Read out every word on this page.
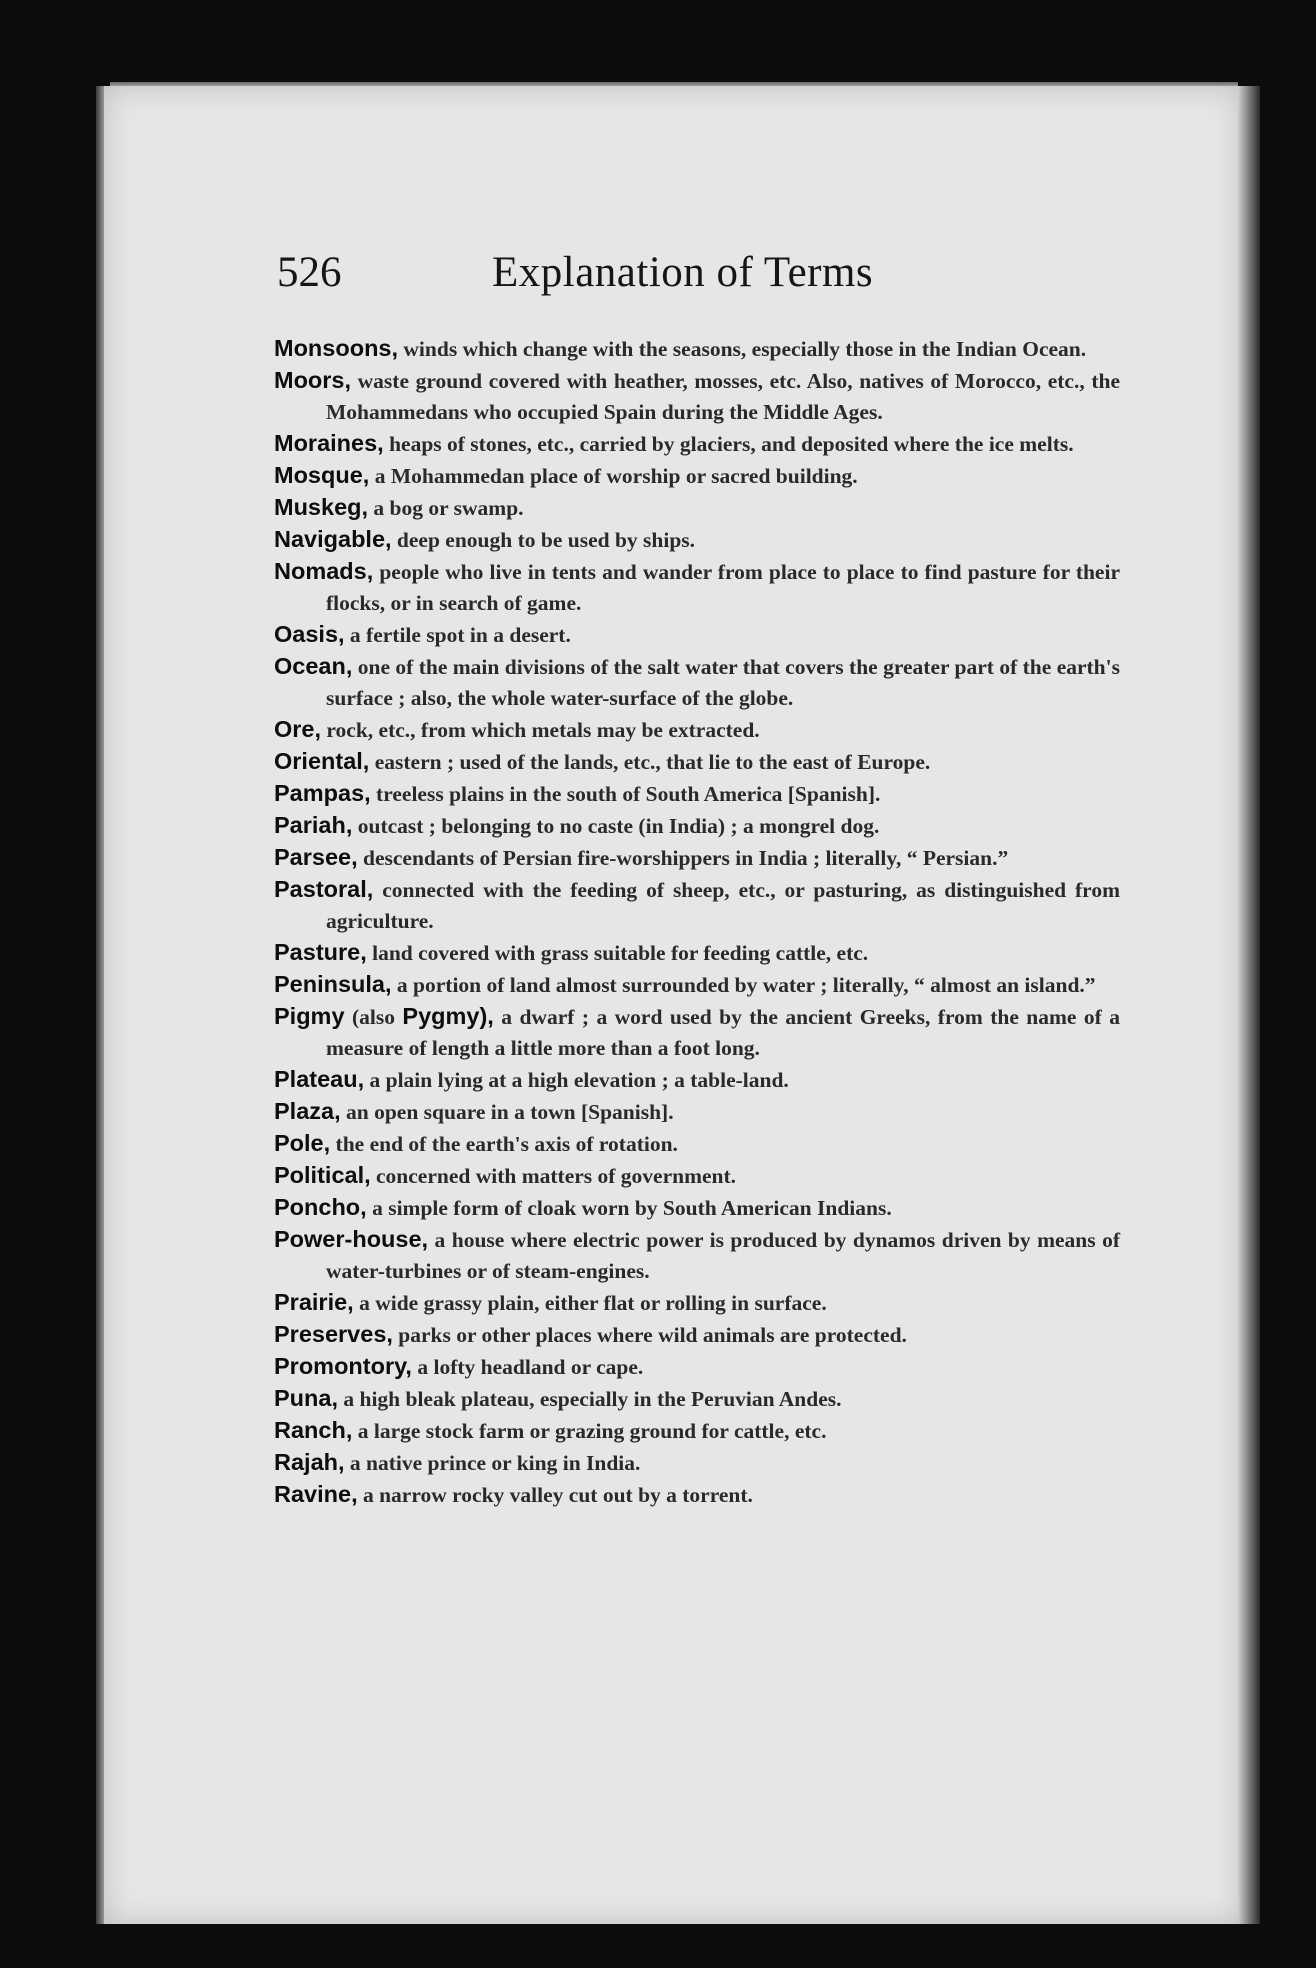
526	Explanation of Terms

Monsoons, winds which change with the seasons, especially those in the Indian Ocean.

Moors, waste ground covered with heather, mosses, etc. Also, natives of Morocco, etc., the Mohammedans who occupied Spain during the Middle Ages.

Moraines, heaps of stones, etc., carried by glaciers, and deposited where the ice melts.

Mosque, a Mohammedan place of worship or sacred building.

Muskeg, a bog or swamp.

Navigable, deep enough to be used by ships.

Nomads, people who live in tents and wander from place to place to find pasture for their flocks, or in search of game.

Oasis, a fertile spot in a desert.

Ocean, one of the main divisions of the salt water that covers the greater part of the earth's surface ; also, the whole water-surface of the globe.

Ore, rock, etc., from which metals may be extracted.

Oriental, eastern ; used of the lands, etc., that lie to the east of Europe.

Pampas, treeless plains in the south of South America [Spanish].

Pariah, outcast ; belonging to no caste (in India) ; a mongrel dog.

Parsee, descendants of Persian fire-worshippers in India ; literally, “ Persian.”

Pastoral, connected with the feeding of sheep, etc., or pasturing, as distinguished from agriculture.

Pasture, land covered with grass suitable for feeding cattle, etc.

Peninsula, a portion of land almost surrounded by water ; literally, “ almost an island.”

Pigmy (also Pygmy), a dwarf ; a word used by the ancient Greeks, from the name of a measure of length a little more than a foot long.

Plateau, a plain lying at a high elevation ; a table-land.

Plaza, an open square in a town [Spanish].

Pole, the end of the earth's axis of rotation.

Political, concerned with matters of government.

Poncho, a simple form of cloak worn by South American Indians.

Power-house, a house where electric power is produced by dynamos driven by means of water-turbines or of steam-engines.

Prairie, a wide grassy plain, either flat or rolling in surface.

Preserves, parks or other places where wild animals are protected.

Promontory, a lofty headland or cape.

Puna, a high bleak plateau, especially in the Peruvian Andes.

Ranch, a large stock farm or grazing ground for cattle, etc.

Rajah, a native prince or king in India.

Ravine, a narrow rocky valley cut out by a torrent.
